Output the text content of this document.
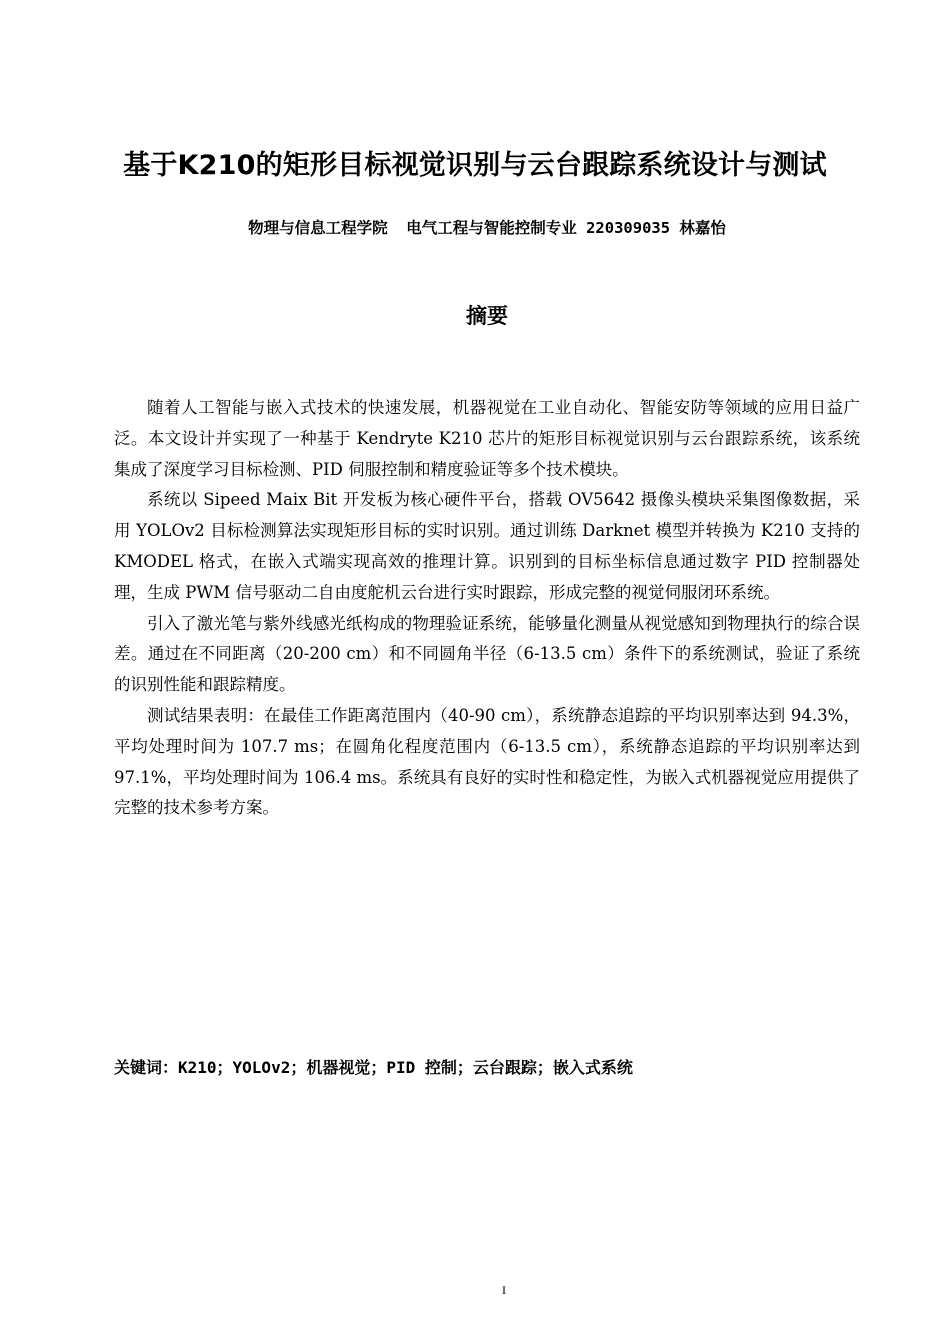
基于K210的矩形目标视觉识别与云台跟踪系统设计与测试
物理与信息工程学院  电气工程与智能控制专业 220309035 林嘉怡
摘要

随着人工智能与嵌入式技术的快速发展，机器视觉在工业自动化、智能安防等领域的应用日益广泛。本文设计并实现了一种基于 Kendryte K210 芯片的矩形目标视觉识别与云台跟踪系统，该系统集成了深度学习目标检测、PID 伺服控制和精度验证等多个技术模块。

系统以 Sipeed Maix Bit 开发板为核心硬件平台，搭载 OV5642 摄像头模块采集图像数据，采用 YOLOv2 目标检测算法实现矩形目标的实时识别。通过训练 Darknet 模型并转换为 K210 支持的 KMODEL 格式，在嵌入式端实现高效的推理计算。识别到的目标坐标信息通过数字 PID 控制器处理，生成 PWM 信号驱动二自由度舵机云台进行实时跟踪，形成完整的视觉伺服闭环系统。

引入了激光笔与紫外线感光纸构成的物理验证系统，能够量化测量从视觉感知到物理执行的综合误差。通过在不同距离（20-200 cm）和不同圆角半径（6-13.5 cm）条件下的系统测试，验证了系统的识别性能和跟踪精度。

测试结果表明：在最佳工作距离范围内（40-90 cm），系统静态追踪的平均识别率达到 94.3%，平均处理时间为 107.7 ms；在圆角化程度范围内（6-13.5 cm），系统静态追踪的平均识别率达到 97.1%，平均处理时间为 106.4 ms。系统具有良好的实时性和稳定性，为嵌入式机器视觉应用提供了完整的技术参考方案。

关键词：K210；YOLOv2；机器视觉；PID 控制；云台跟踪；嵌入式系统
I
